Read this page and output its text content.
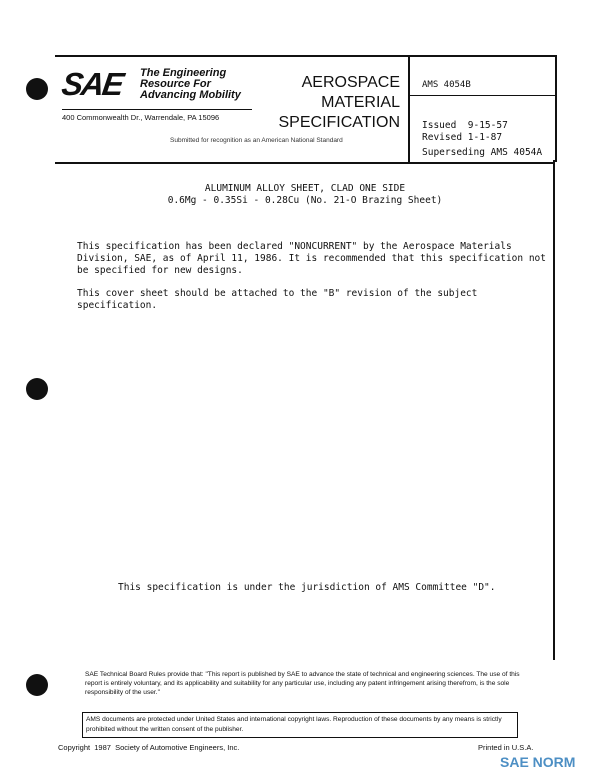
SAE The Engineering
Resource For
Advancing Mobility
400 Commonwealth Dr., Warrendale, PA 15096
AEROSPACE
MATERIAL
SPECIFICATION
Submitted for recognition as an American National Standard
AMS 4054B
Issued  9-15-57
Revised 1-1-87
Superseding AMS 4054A
ALUMINUM ALLOY SHEET, CLAD ONE SIDE
0.6Mg - 0.35Si - 0.28Cu (No. 21-O Brazing Sheet)
This specification has been declared "NONCURRENT" by the Aerospace Materials Division, SAE, as of April 11, 1986. It is recommended that this specification not be specified for new designs.
This cover sheet should be attached to the "B" revision of the subject specification.
This specification is under the jurisdiction of AMS Committee "D".
SAE Technical Board Rules provide that: "This report is published by SAE to advance the state of technical and engineering sciences. The use of this report is entirely voluntary, and its applicability and suitability for any particular use, including any patent infringement arising therefrom, is the sole responsibility of the user."
AMS documents are protected under United States and international copyright laws. Reproduction of these documents by any means is strictly prohibited without the written consent of the publisher.
Copyright  1987  Society of Automotive Engineers, Inc.	Printed in U.S.A.
SAE NORM
